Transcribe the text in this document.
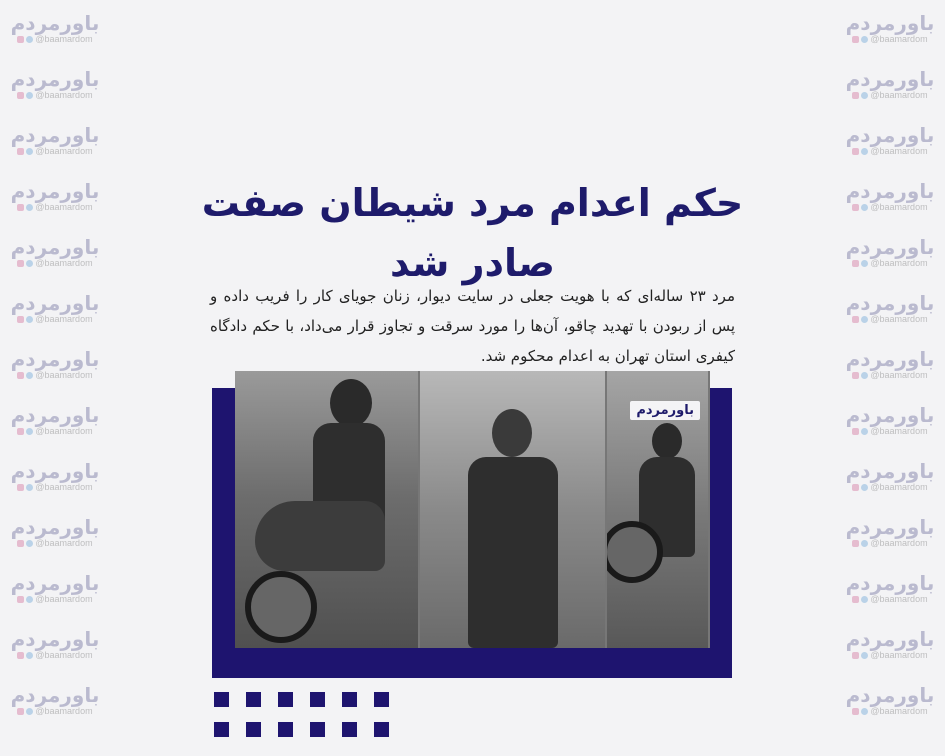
باورمردم
@baamardom
باورمردم
@baamardom
باورمردم
@baamardom
باورمردم
@baamardom
باورمردم
@baamardom
باورمردم
@baamardom
باورمردم
@baamardom
باورمردم
@baamardom
باورمردم
@baamardom
باورمردم
@baamardom
باورمردم
@baamardom
باورمردم
@baamardom
باورمردم
@baamardom
باورمردم
@baamardom
باورمردم
@baamardom
باورمردم
@baamardom
باورمردم
@baamardom
باورمردم
@baamardom
باورمردم
@baamardom
باورمردم
@baamardom
باورمردم
@baamardom
باورمردم
@baamardom
باورمردم
@baamardom
باورمردم
@baamardom
باورمردم
@baamardom
باورمردم
@baamardom
حکم اعدام مرد شیطان صفت صادر شد

مرد ۲۳ ساله‌ای که با هویت جعلی در سایت دیوار، زنان جویای کار را فریب داده و پس از ربودن با تهدید چاقو، آن‌ها را مورد سرقت و تجاوز قرار می‌داد، با حکم دادگاه کیفری استان تهران به اعدام محکوم شد.

باورمردم
